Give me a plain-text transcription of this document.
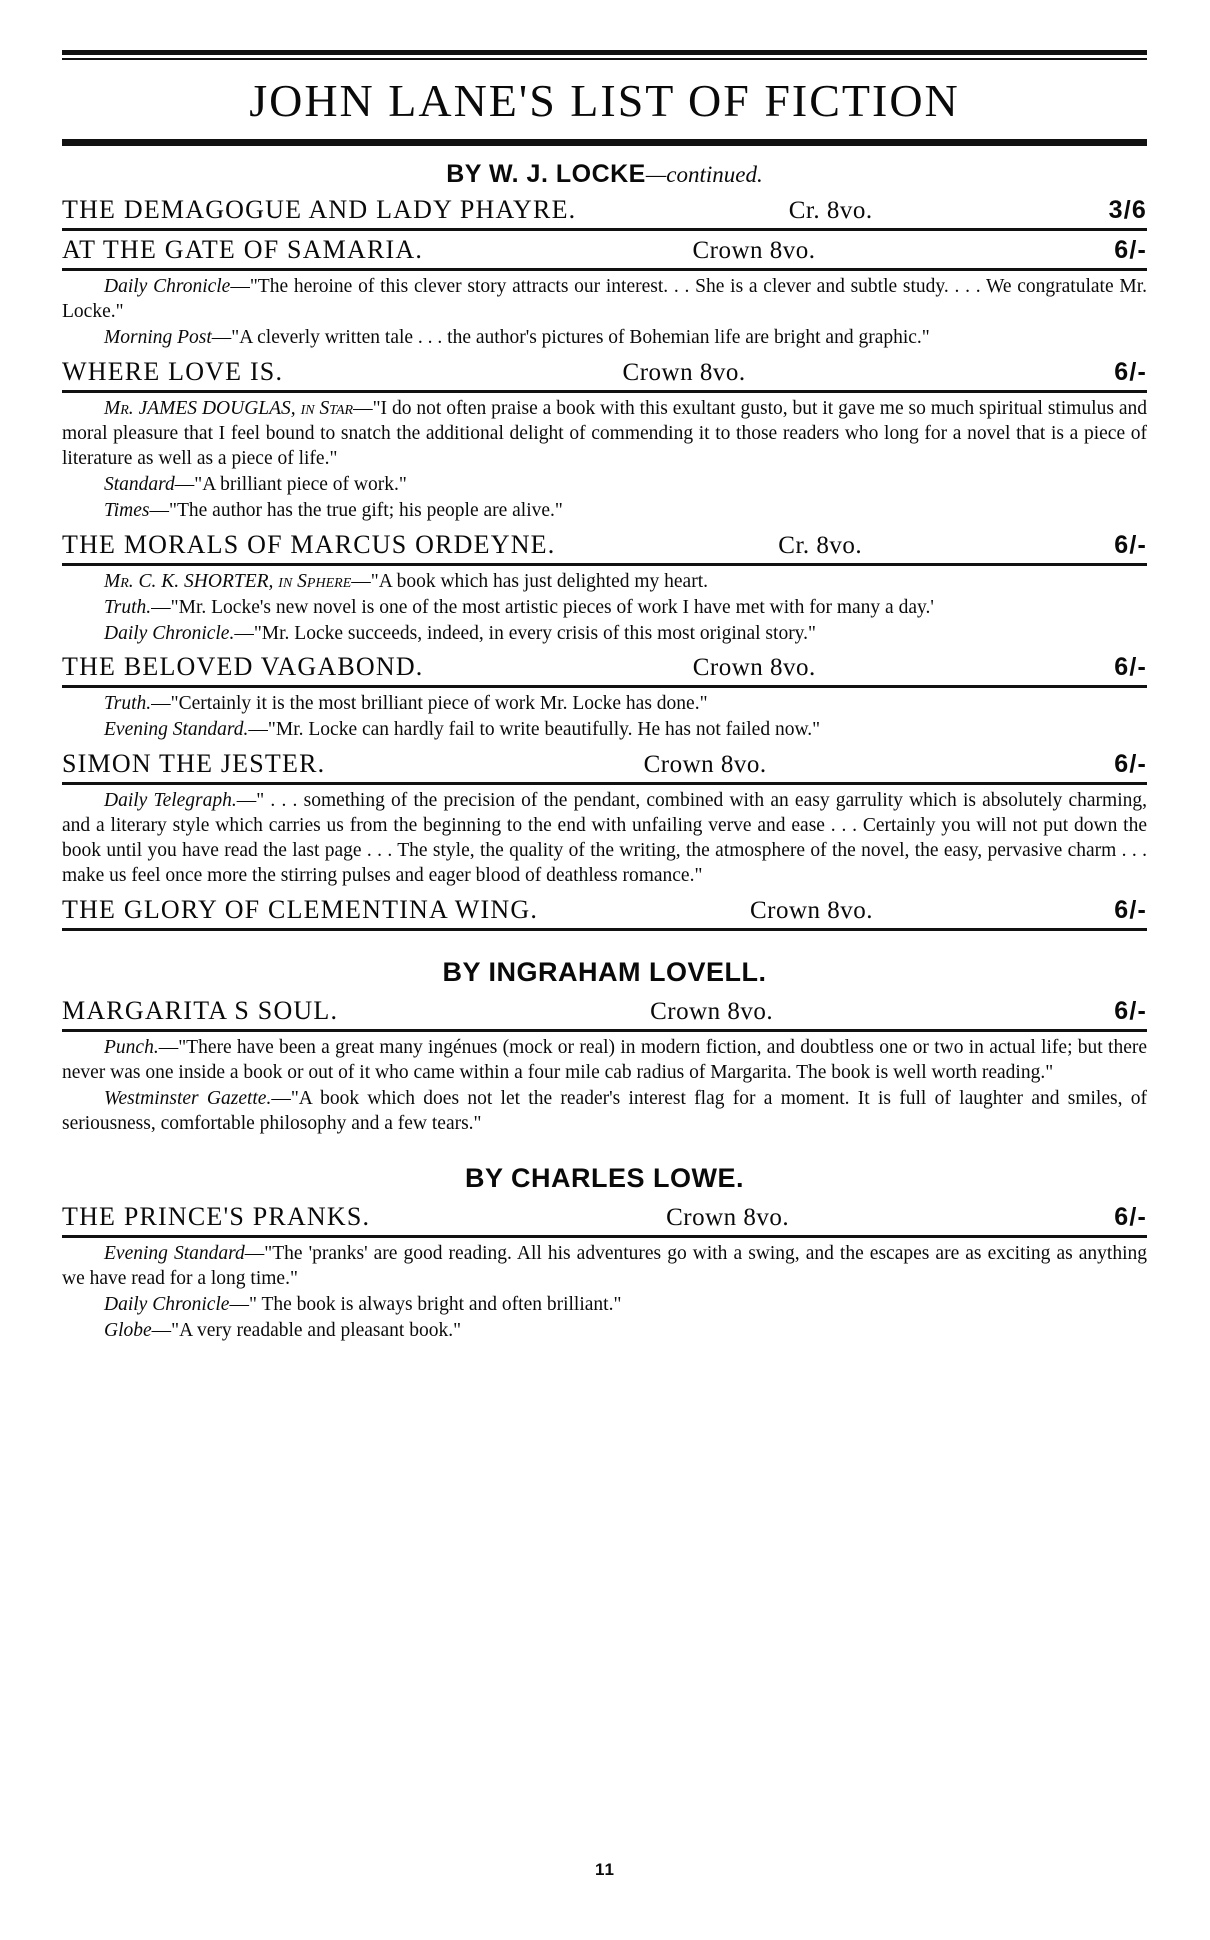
JOHN LANE'S LIST OF FICTION
BY W. J. LOCKE—continued.
THE DEMAGOGUE AND LADY PHAYRE.	Cr. 8vo.	3/6
AT THE GATE OF SAMARIA.	Crown 8vo.	6/-

Daily Chronicle—"The heroine of this clever story attracts our interest. . . She is a clever and subtle study. . . . We congratulate Mr. Locke."

Morning Post—"A cleverly written tale . . . the author's pictures of Bohemian life are bright and graphic."

WHERE LOVE IS.	Crown 8vo.	6/-

Mr. JAMES DOUGLAS, in Star—"I do not often praise a book with this exultant gusto, but it gave me so much spiritual stimulus and moral pleasure that I feel bound to snatch the additional delight of commending it to those readers who long for a novel that is a piece of literature as well as a piece of life."

Standard—"A brilliant piece of work."

Times—"The author has the true gift; his people are alive."

THE MORALS OF MARCUS ORDEYNE.	Cr. 8vo.	6/-

Mr. C. K. SHORTER, in Sphere—"A book which has just delighted my heart.

Truth.—"Mr. Locke's new novel is one of the most artistic pieces of work I have met with for many a day.'

Daily Chronicle.—"Mr. Locke succeeds, indeed, in every crisis of this most original story."

THE BELOVED VAGABOND.	Crown 8vo.	6/-

Truth.—"Certainly it is the most brilliant piece of work Mr. Locke has done."

Evening Standard.—"Mr. Locke can hardly fail to write beautifully. He has not failed now."

SIMON THE JESTER.	Crown 8vo.	6/-

Daily Telegraph.—" . . . something of the precision of the pendant, combined with an easy garrulity which is absolutely charming, and a literary style which carries us from the beginning to the end with unfailing verve and ease . . . Certainly you will not put down the book until you have read the last page . . . The style, the quality of the writing, the atmosphere of the novel, the easy, pervasive charm . . . make us feel once more the stirring pulses and eager blood of deathless romance."

THE GLORY OF CLEMENTINA WING.	Crown 8vo.	6/-
BY INGRAHAM LOVELL.
MARGARITA S SOUL.	Crown 8vo.	6/-

Punch.—"There have been a great many ingénues (mock or real) in modern fiction, and doubtless one or two in actual life; but there never was one inside a book or out of it who came within a four mile cab radius of Margarita. The book is well worth reading."

Westminster Gazette.—"A book which does not let the reader's interest flag for a moment. It is full of laughter and smiles, of seriousness, comfortable philosophy and a few tears."

BY CHARLES LOWE.
THE PRINCE'S PRANKS.	Crown 8vo.	6/-

Evening Standard—"The 'pranks' are good reading. All his adventures go with a swing, and the escapes are as exciting as anything we have read for a long time."

Daily Chronicle—" The book is always bright and often brilliant."

Globe—"A very readable and pleasant book."

11
